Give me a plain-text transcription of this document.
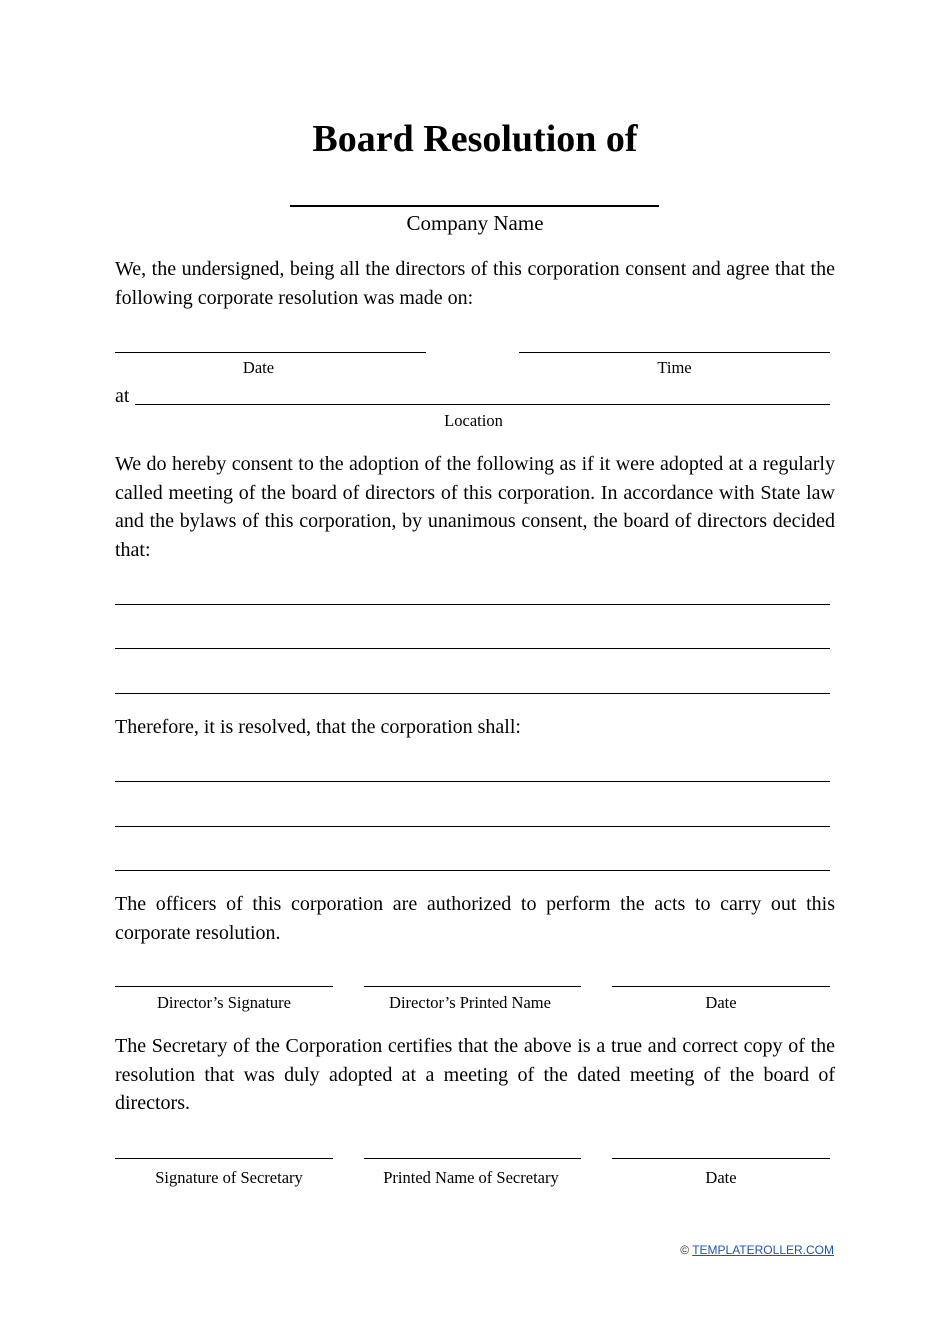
Board Resolution of
Company Name
We, the undersigned, being all the directors of this corporation consent and agree that the following corporate resolution was made on:
Date	Time
at
Location
We do hereby consent to the adoption of the following as if it were adopted at a regularly called meeting of the board of directors of this corporation. In accordance with State law and the bylaws of this corporation, by unanimous consent, the board of directors decided that:
Therefore, it is resolved, that the corporation shall:
The officers of this corporation are authorized to perform the acts to carry out this corporate resolution.
Director’s Signature	Director’s Printed Name	Date
The Secretary of the Corporation certifies that the above is a true and correct copy of the resolution that was duly adopted at a meeting of the dated meeting of the board of directors.
Signature of Secretary	Printed Name of Secretary	Date
© TEMPLATEROLLER.COM
